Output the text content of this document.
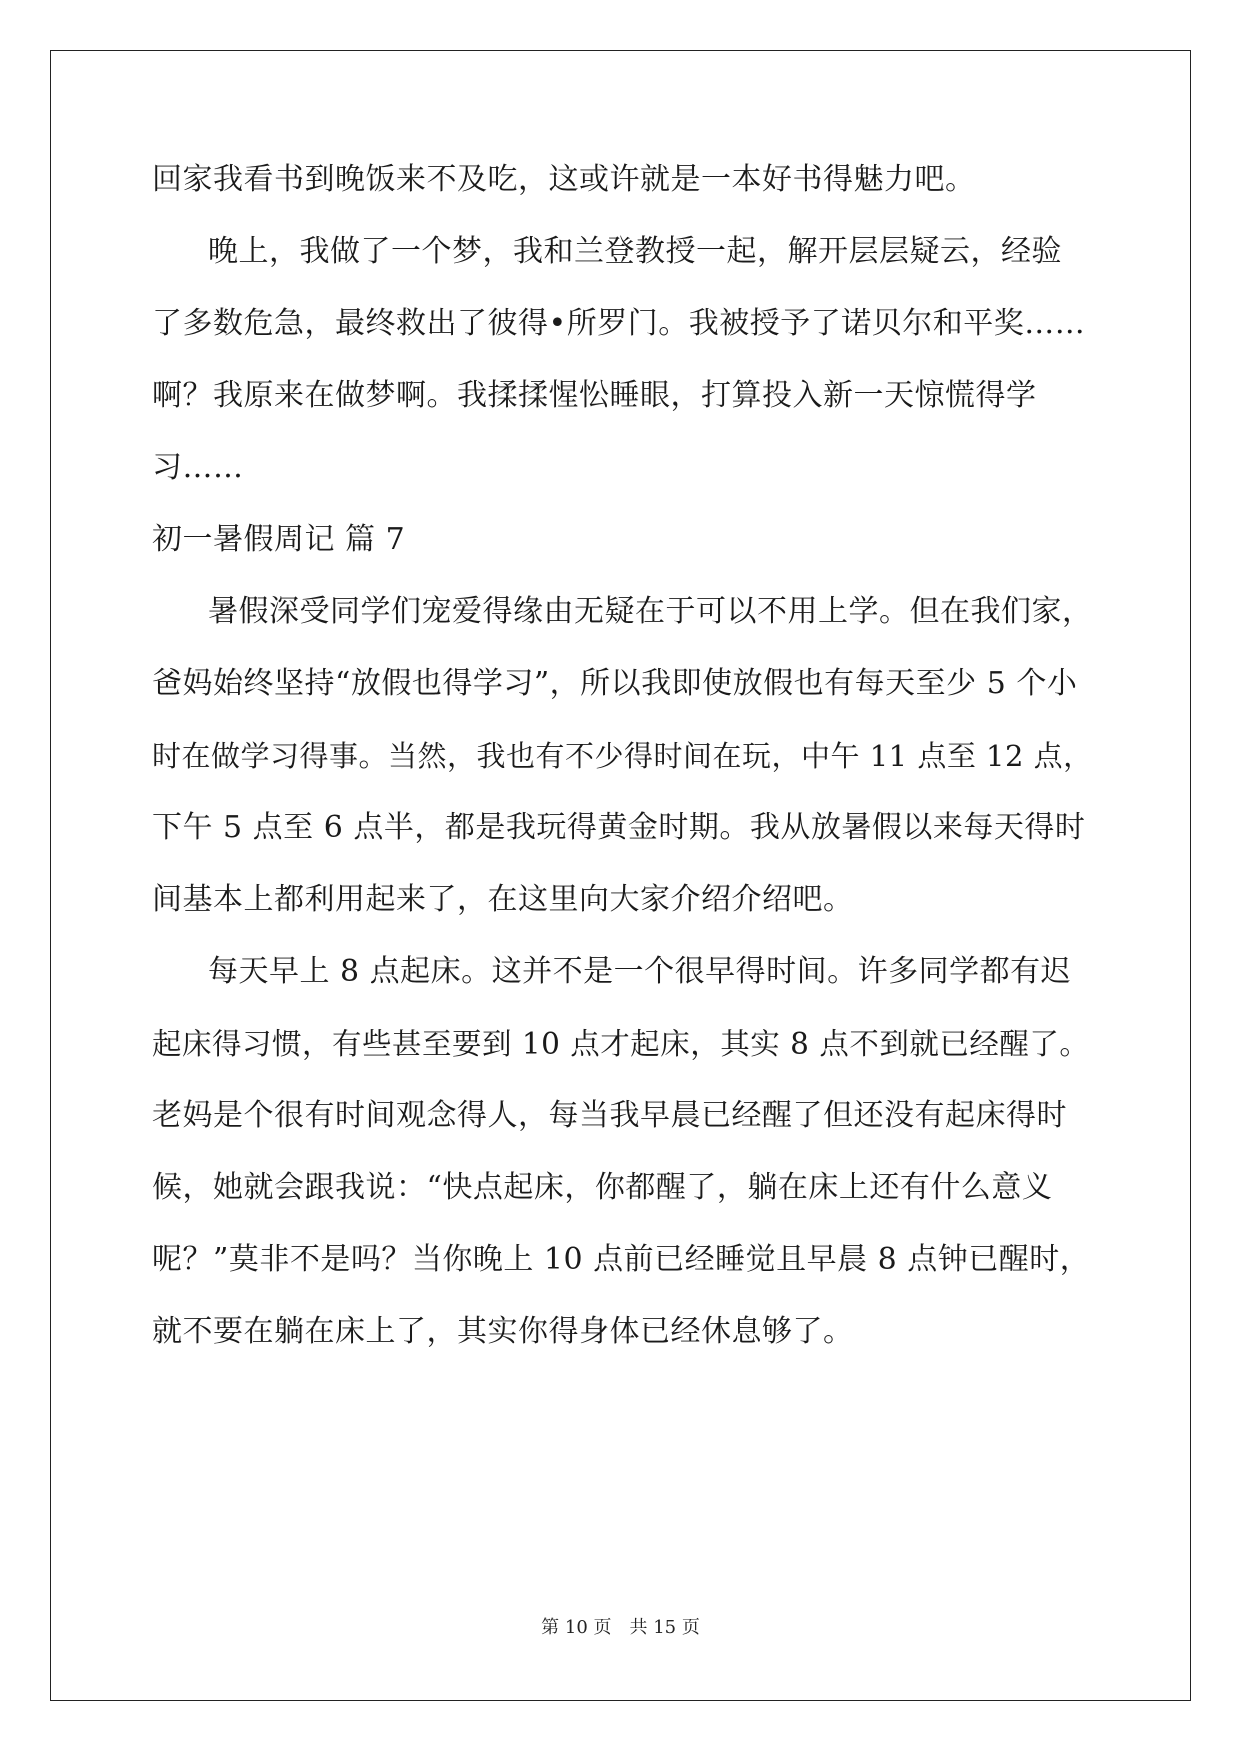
回家我看书到晚饭来不及吃，这或许就是一本好书得魅力吧。
晚上，我做了一个梦，我和兰登教授一起，解开层层疑云，经验
了多数危急，最终救出了彼得•所罗门。我被授予了诺贝尔和平奖……
啊？我原来在做梦啊。我揉揉惺忪睡眼，打算投入新一天惊慌得学
习……
初一暑假周记 篇 7
暑假深受同学们宠爱得缘由无疑在于可以不用上学。但在我们家，
爸妈始终坚持“放假也得学习”，所以我即使放假也有每天至少 5 个小
时在做学习得事。当然，我也有不少得时间在玩，中午 11 点至 12 点，
下午 5 点至 6 点半，都是我玩得黄金时期。我从放暑假以来每天得时
间基本上都利用起来了，在这里向大家介绍介绍吧。
每天早上 8 点起床。这并不是一个很早得时间。许多同学都有迟
起床得习惯，有些甚至要到 10 点才起床，其实 8 点不到就已经醒了。
老妈是个很有时间观念得人，每当我早晨已经醒了但还没有起床得时
候，她就会跟我说：“快点起床，你都醒了，躺在床上还有什么意义
呢？”莫非不是吗？当你晚上 10 点前已经睡觉且早晨 8 点钟已醒时，
就不要在躺在床上了，其实你得身体已经休息够了。
第 10 页　共 15 页
